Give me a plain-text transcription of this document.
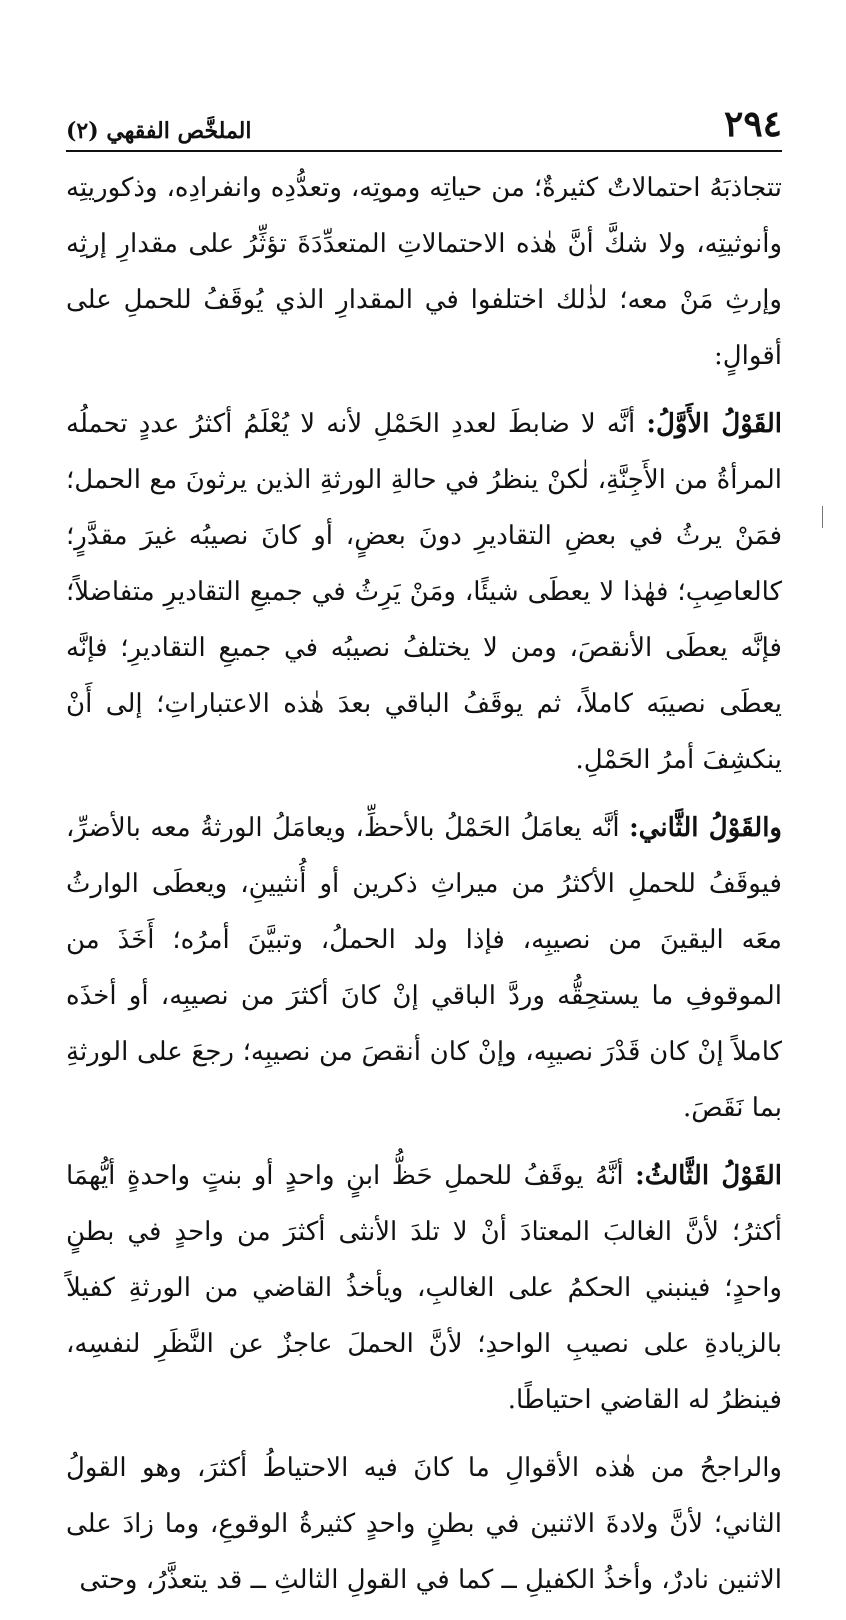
٢٩٤
الملخَّص الفقهي (٢)

تتجاذبَهُ احتمالاتٌ كثيرةٌ؛ من حياتِه وموتِه، وتعدُّدِه وانفرادِه، وذكوريتِه وأنوثيتِه، ولا شكَّ أنَّ هٰذه الاحتمالاتِ المتعدِّدَةَ تؤثِّرُ على مقدارِ إرثِه وإرثِ مَنْ معه؛ لذٰلك اختلفوا في المقدارِ الذي يُوقَفُ للحملِ على أقوالٍ:

القَوْلُ الأَوَّلُ: أنَّه لا ضابطَ لعددِ الحَمْلِ لأنه لا يُعْلَمُ أكثرُ عددٍ تحملُه المرأةُ من الأَجِنَّةِ، لٰكنْ ينظرُ في حالةِ الورثةِ الذين يرثونَ مع الحمل؛ فمَنْ يرثُ في بعضِ التقاديرِ دونَ بعضٍ، أو كانَ نصيبُه غيرَ مقدَّرٍ؛ كالعاصِبِ؛ فهٰذا لا يعطَى شيئًا، ومَنْ يَرِثُ في جميعِ التقاديرِ متفاضلاً؛ فإنَّه يعطَى الأنقصَ، ومن لا يختلفُ نصيبُه في جميعِ التقاديرِ؛ فإنَّه يعطَى نصيبَه كاملاً، ثم يوقَفُ الباقي بعدَ هٰذه الاعتباراتِ؛ إلى أَنْ ينكشِفَ أمرُ الحَمْلِ.

والقَوْلُ الثَّاني: أنَّه يعامَلُ الحَمْلُ بالأحظِّ، ويعامَلُ الورثةُ معه بالأضرِّ، فيوقَفُ للحملِ الأكثرُ من ميراثِ ذكرين أو أُنثيينِ، ويعطَى الوارثُ معَه اليقينَ من نصيبِه، فإذا ولد الحملُ، وتبيَّنَ أمرُه؛ أَخَذَ من الموقوفِ ما يستحِقُّه وردَّ الباقي إنْ كانَ أكثرَ من نصيبِه، أو أخذَه كاملاً إنْ كان قَدْرَ نصيبِه، وإنْ كان أنقصَ من نصيبِه؛ رجعَ على الورثةِ بما نَقَصَ.

القَوْلُ الثَّالثُ: أنَّهُ يوقَفُ للحملِ حَظُّ ابنٍ واحدٍ أو بنتٍ واحدةٍ أيُّهمَا أكثرُ؛ لأنَّ الغالبَ المعتادَ أنْ لا تلدَ الأنثى أكثرَ من واحدٍ في بطنٍ واحدٍ؛ فينبني الحكمُ على الغالبِ، ويأخذُ القاضي من الورثةِ كفيلاً بالزيادةِ على نصيبِ الواحدِ؛ لأنَّ الحملَ عاجزٌ عن النَّظَرِ لنفسِه، فينظرُ له القاضي احتياطًا.

والراجحُ من هٰذه الأقوالِ ما كانَ فيه الاحتياطُ أكثرَ، وهو القولُ الثاني؛ لأنَّ ولادةَ الاثنين في بطنٍ واحدٍ كثيرةُ الوقوعِ، وما زادَ على الاثنين نادرٌ، وأخذُ الكفيلِ ــ كما في القولِ الثالثِ ــ قد يتعذَّرُ، وحتى
